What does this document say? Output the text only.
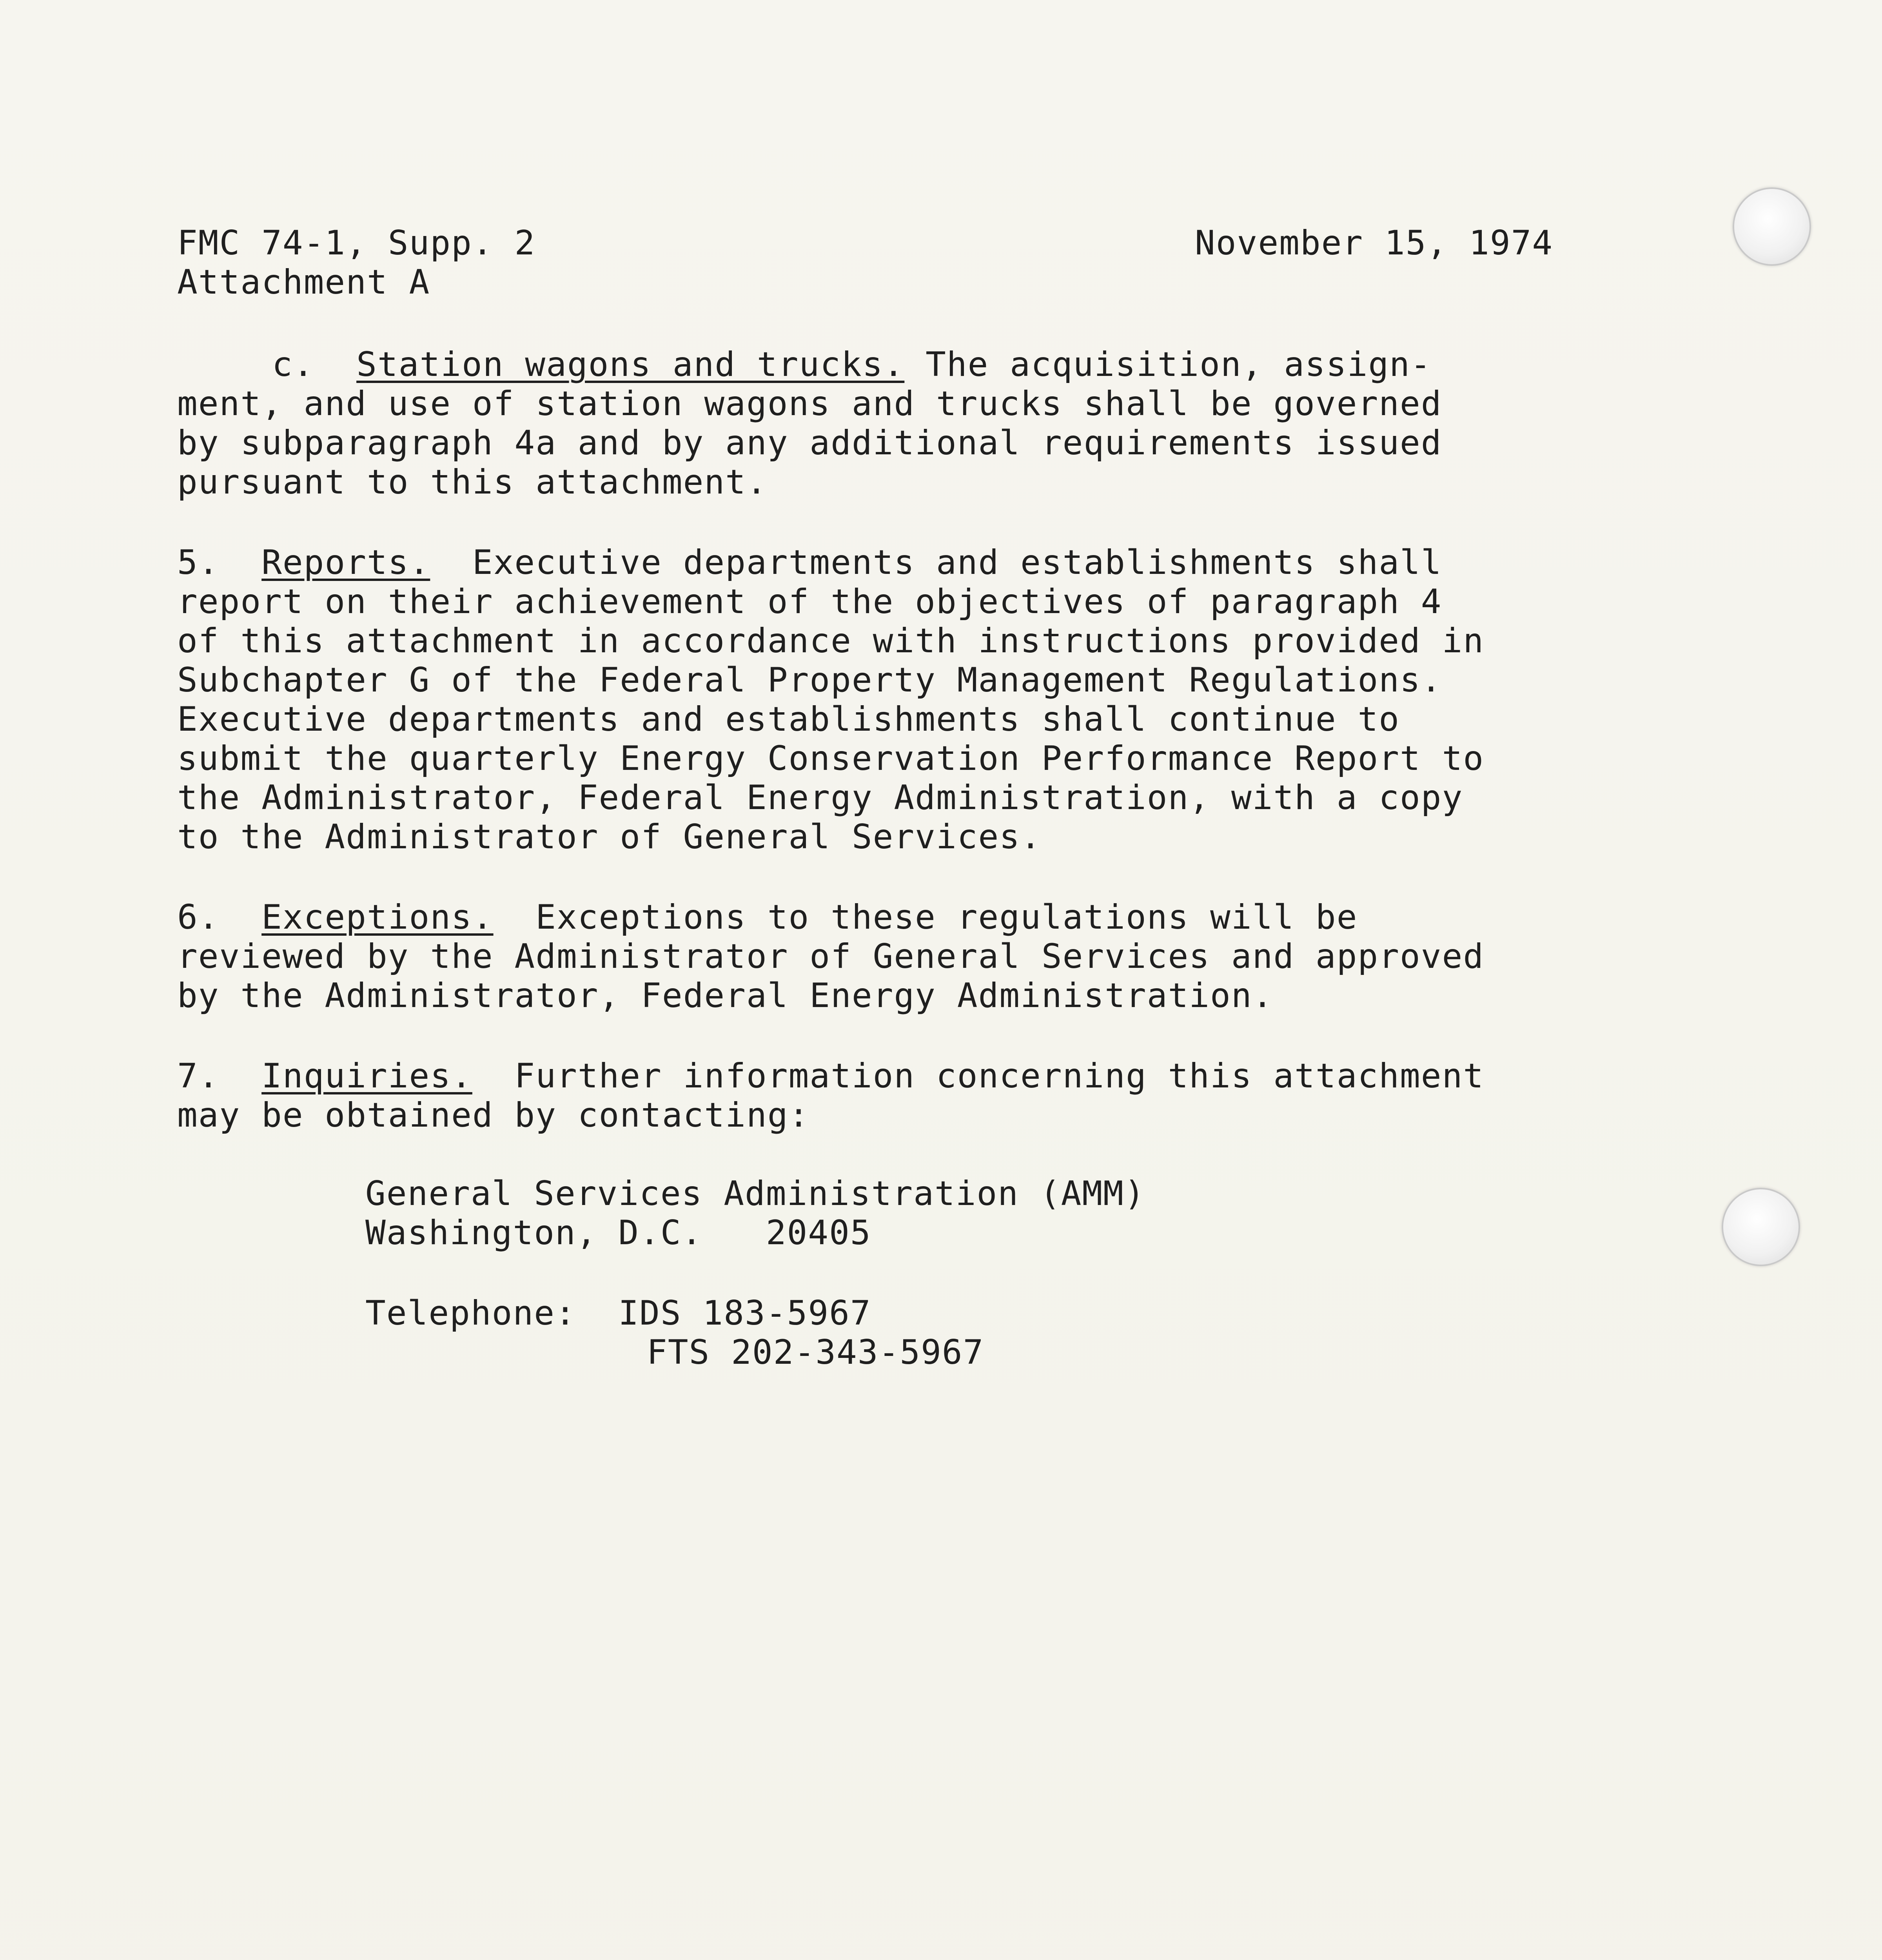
FMC 74-1, Supp. 2	November 15, 1974
Attachment A
c.  Station wagons and trucks. The acquisition, assign-
ment, and use of station wagons and trucks shall be governed
by subparagraph 4a and by any additional requirements issued
pursuant to this attachment.
5.  Reports.  Executive departments and establishments shall
report on their achievement of the objectives of paragraph 4
of this attachment in accordance with instructions provided in
Subchapter G of the Federal Property Management Regulations.
Executive departments and establishments shall continue to
submit the quarterly Energy Conservation Performance Report to
the Administrator, Federal Energy Administration, with a copy
to the Administrator of General Services.
6.  Exceptions.  Exceptions to these regulations will be
reviewed by the Administrator of General Services and approved
by the Administrator, Federal Energy Administration.
7.  Inquiries.  Further information concerning this attachment
may be obtained by contacting:
General Services Administration (AMM)
Washington, D.C.   20405
Telephone:  IDS 183-5967
FTS 202-343-5967
